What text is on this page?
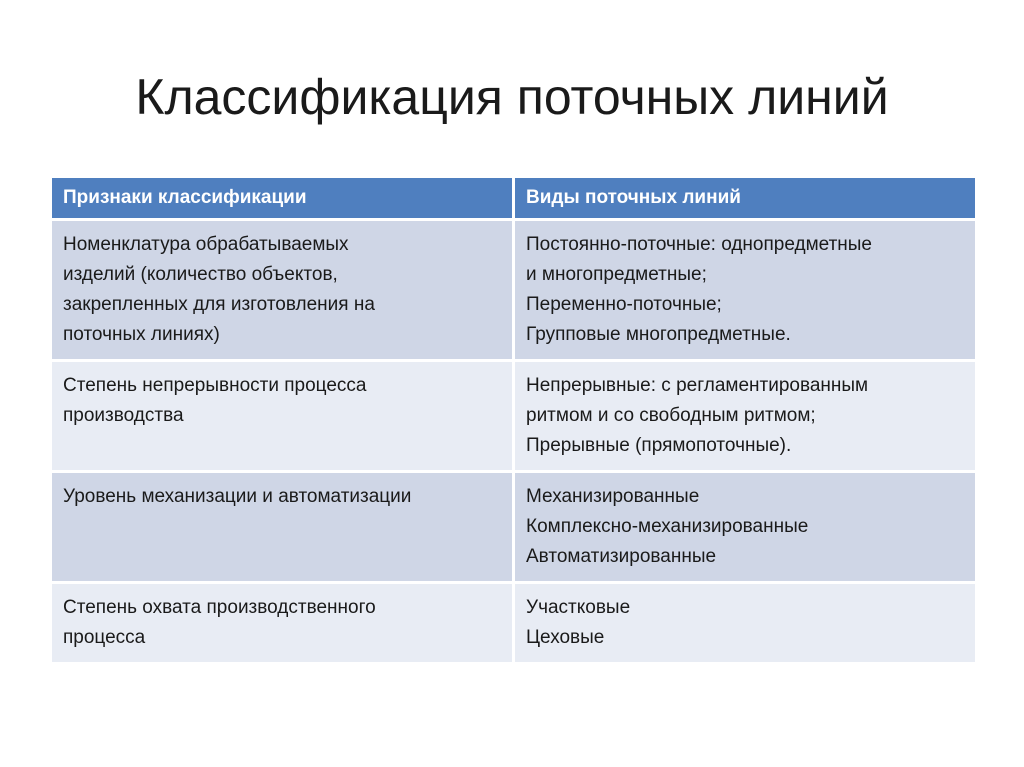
Классификация поточных линий
Признаки классификации	Виды поточных линий

Номенклатура обрабатываемых
изделий (количество объектов,
закрепленных для изготовления на
поточных линиях)	Постоянно-поточные: однопредметные
и многопредметные;
Переменно-поточные;
Групповые многопредметные.

Степень непрерывности процесса
производства	Непрерывные: с регламентированным
ритмом и со свободным ритмом;
Прерывные (прямопоточные).

Уровень механизации и автоматизации	Механизированные
Комплексно-механизированные
Автоматизированные

Степень охвата производственного
процесса	Участковые
Цеховые
